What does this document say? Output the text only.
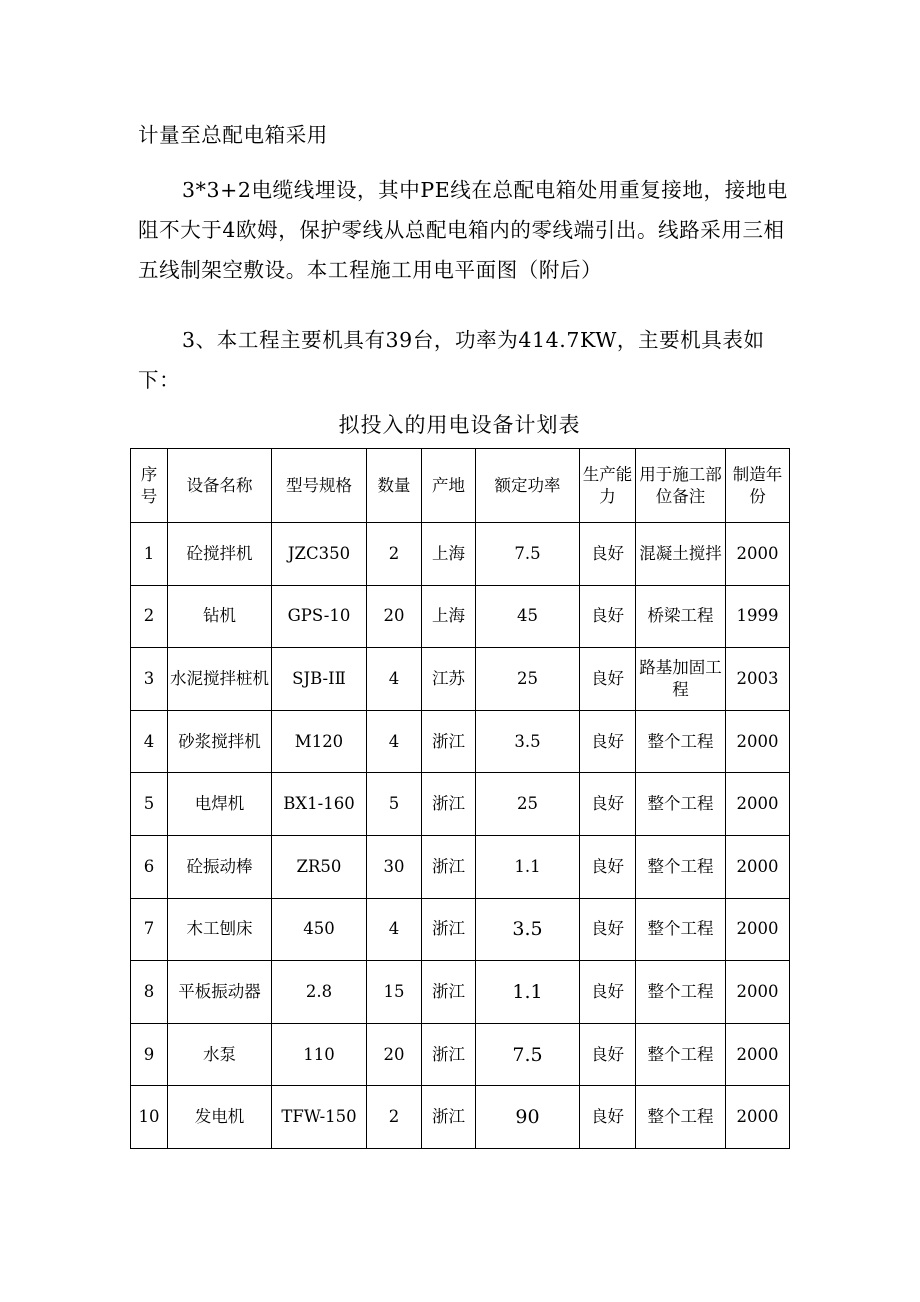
计量至总配电箱采用

3*3+2电缆线埋设，其中PE线在总配电箱处用重复接地，接地电阻不大于4欧姆，保护零线从总配电箱内的零线端引出。线路采用三相五线制架空敷设。本工程施工用电平面图（附后）

3、本工程主要机具有39台，功率为414.7KW，主要机具表如下：

拟投入的用电设备计划表
序号	设备名称	型号规格	数量	产地	额定功率	生产能力	用于施工部位备注	制造年份
1	砼搅拌机	JZC350	2	上海	7.5	良好	混凝土搅拌	2000
2	钻机	GPS-10	20	上海	45	良好	桥梁工程	1999
3	水泥搅拌桩机	SJB-ⅠⅡ	4	江苏	25	良好	路基加固工程	2003
4	砂浆搅拌机	M120	4	浙江	3.5	良好	整个工程	2000
5	电焊机	BX1-160	5	浙江	25	良好	整个工程	2000
6	砼振动棒	ZR50	30	浙江	1.1	良好	整个工程	2000
7	木工刨床	450	4	浙江	3.5	良好	整个工程	2000
8	平板振动器	2.8	15	浙江	1.1	良好	整个工程	2000
9	水泵	110	20	浙江	7.5	良好	整个工程	2000
10	发电机	TFW-150	2	浙江	90	良好	整个工程	2000
